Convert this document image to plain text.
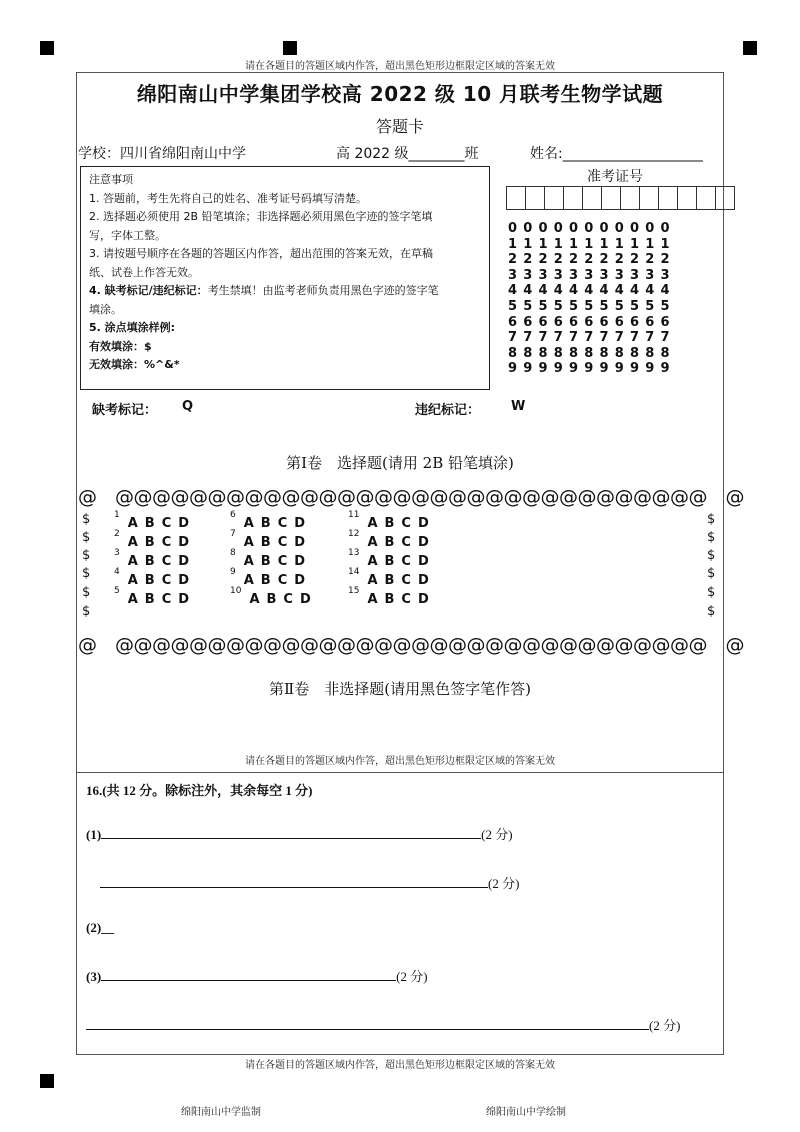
请在各题目的答题区域内作答，超出黑色矩形边框限定区域的答案无效
绵阳南山中学集团学校高 2022 级 10 月联考生物学试题
答题卡
学校：四川省绵阳南山中学	高 2022 级________班	姓名:____________________
注意事项
1. 答题前，考生先将自己的姓名、准考证号码填写清楚。
2. 选择题必须使用 2B 铅笔填涂；非选择题必须用黑色字迹的签字笔填
写，字体工整。
3. 请按题号顺序在各题的答题区内作答，超出范围的答案无效，在草稿
纸、试卷上作答无效。
4. 缺考标记/违纪标记：考生禁填！由监考老师负责用黑色字迹的签字笔
填涂。
5. 涂点填涂样例:
有效填涂：$
无效填涂：%^&*
准考证号
00000000000
11111111111
22222222222
33333333333
44444444444
55555555555
66666666666
77777777777
88888888888
99999999999
缺考标记： Q	违纪标记： W
第Ⅰ卷　选择题(请用 2B 铅笔填涂)
@　@@@@@@@@@@@@@@@@@@@@@@@@@@@@@@@@　@
$
$
$
$
$
$
$
$
$
$
$
$
$^1$ABCD
$^2$ABCD
$^3$ABCD
$^4$ABCD
$^5$ABCD
$^6$ABCD
$^7$ABCD
$^8$ABCD
$^9$ABCD
$^{10}$ABCD
$^{11}$ABCD
$^{12}$ABCD
$^{13}$ABCD
$^{14}$ABCD
$^{15}$ABCD
@　@@@@@@@@@@@@@@@@@@@@@@@@@@@@@@@@　@
第Ⅱ卷　非选择题(请用黑色签字笔作答)
请在各题目的答题区域内作答，超出黑色矩形边框限定区域的答案无效
16.(共 12 分。除标注外，其余每空 1 分)
(1)	(2 分)
(2 分)
(2)__
(3)	(2 分)
(2 分)
请在各题目的答题区域内作答，超出黑色矩形边框限定区域的答案无效
绵阳南山中学监制	绵阳南山中学绘制
